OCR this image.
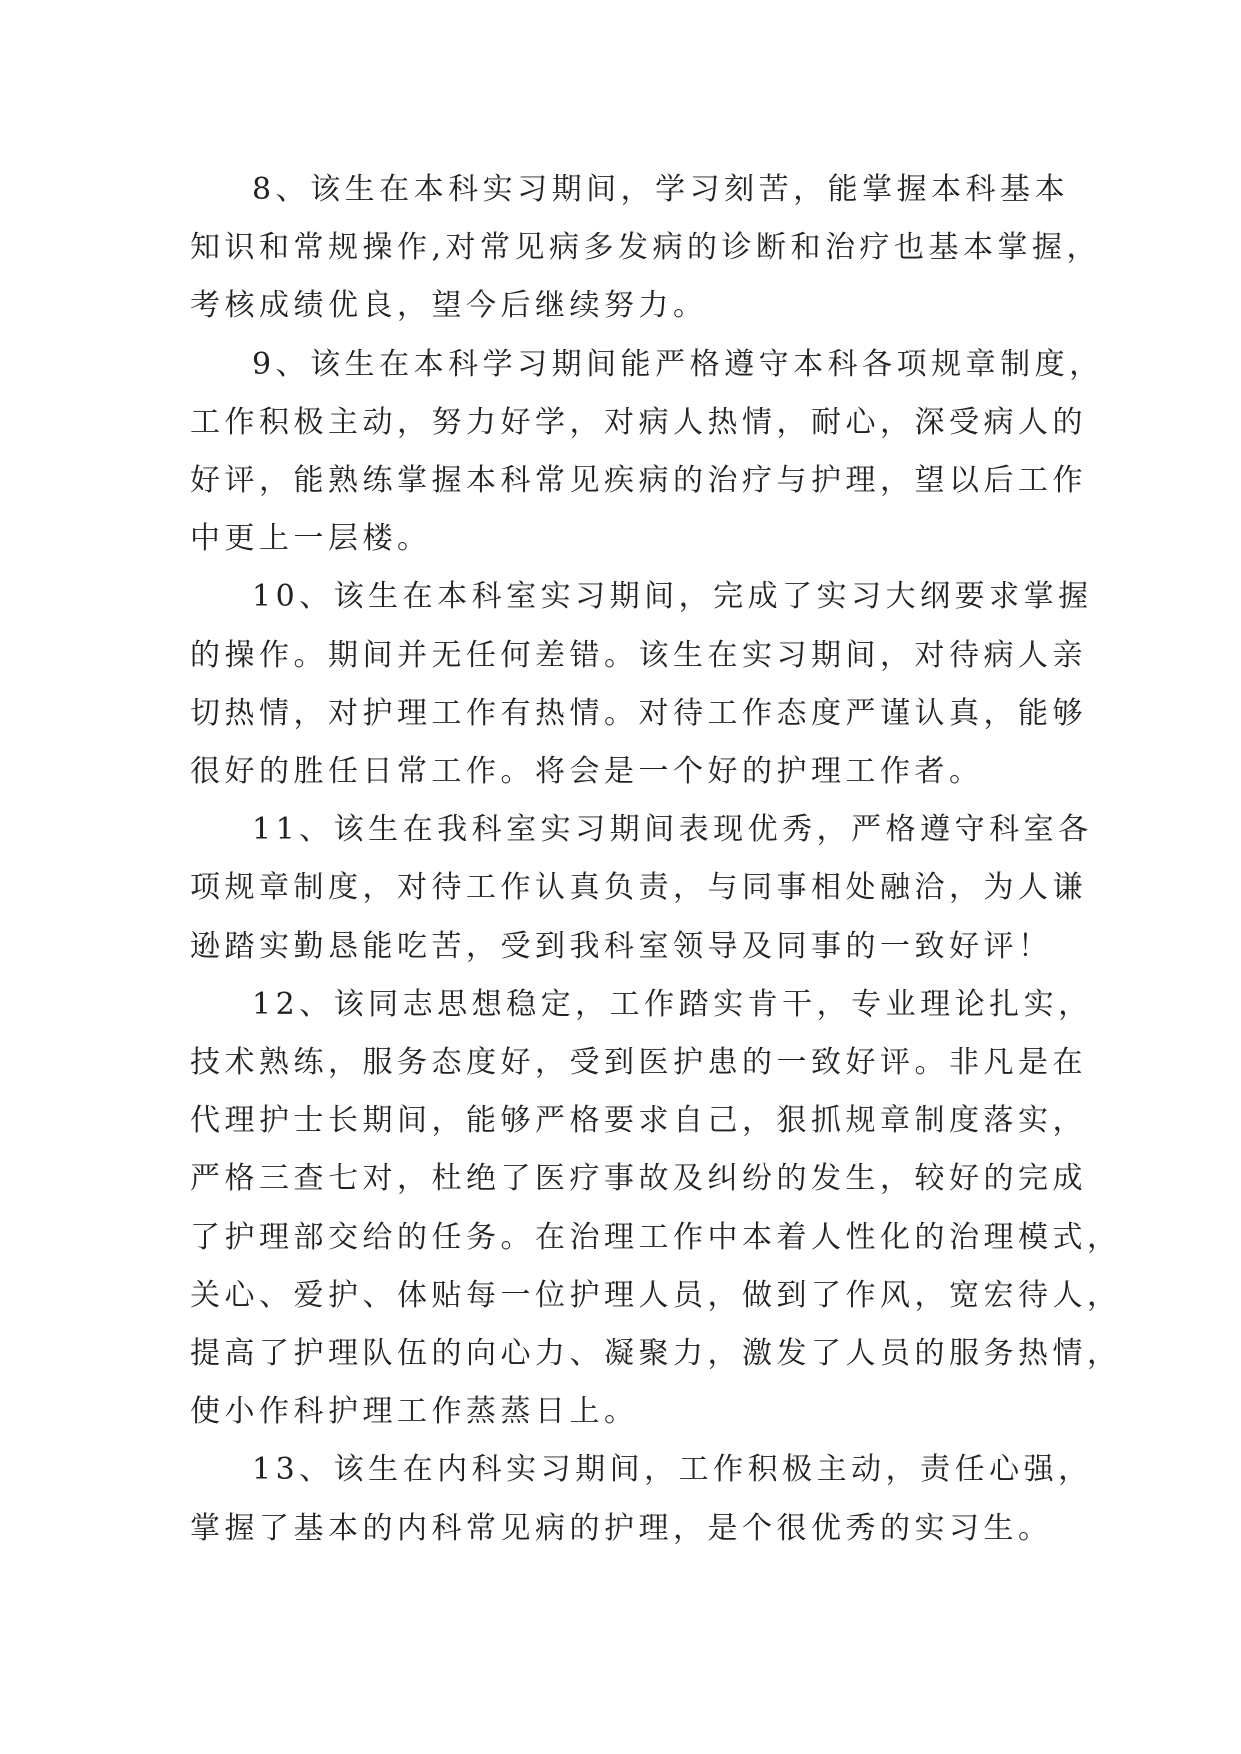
8、该生在本科实习期间，学习刻苦，能掌握本科基本
知识和常规操作,对常见病多发病的诊断和治疗也基本掌握，
考核成绩优良，望今后继续努力。

9、该生在本科学习期间能严格遵守本科各项规章制度，
工作积极主动，努力好学，对病人热情，耐心，深受病人的
好评，能熟练掌握本科常见疾病的治疗与护理，望以后工作
中更上一层楼。

10、该生在本科室实习期间，完成了实习大纲要求掌握
的操作。期间并无任何差错。该生在实习期间，对待病人亲
切热情，对护理工作有热情。对待工作态度严谨认真，能够
很好的胜任日常工作。将会是一个好的护理工作者。

11、该生在我科室实习期间表现优秀，严格遵守科室各
项规章制度，对待工作认真负责，与同事相处融洽，为人谦
逊踏实勤恳能吃苦，受到我科室领导及同事的一致好评！

12、该同志思想稳定，工作踏实肯干，专业理论扎实，
技术熟练，服务态度好，受到医护患的一致好评。非凡是在
代理护士长期间，能够严格要求自己，狠抓规章制度落实，
严格三查七对，杜绝了医疗事故及纠纷的发生，较好的完成
了护理部交给的任务。在治理工作中本着人性化的治理模式，
关心、爱护、体贴每一位护理人员，做到了作风，宽宏待人，
提高了护理队伍的向心力、凝聚力，激发了人员的服务热情，
使小作科护理工作蒸蒸日上。

13、该生在内科实习期间，工作积极主动，责任心强，
掌握了基本的内科常见病的护理，是个很优秀的实习生。
